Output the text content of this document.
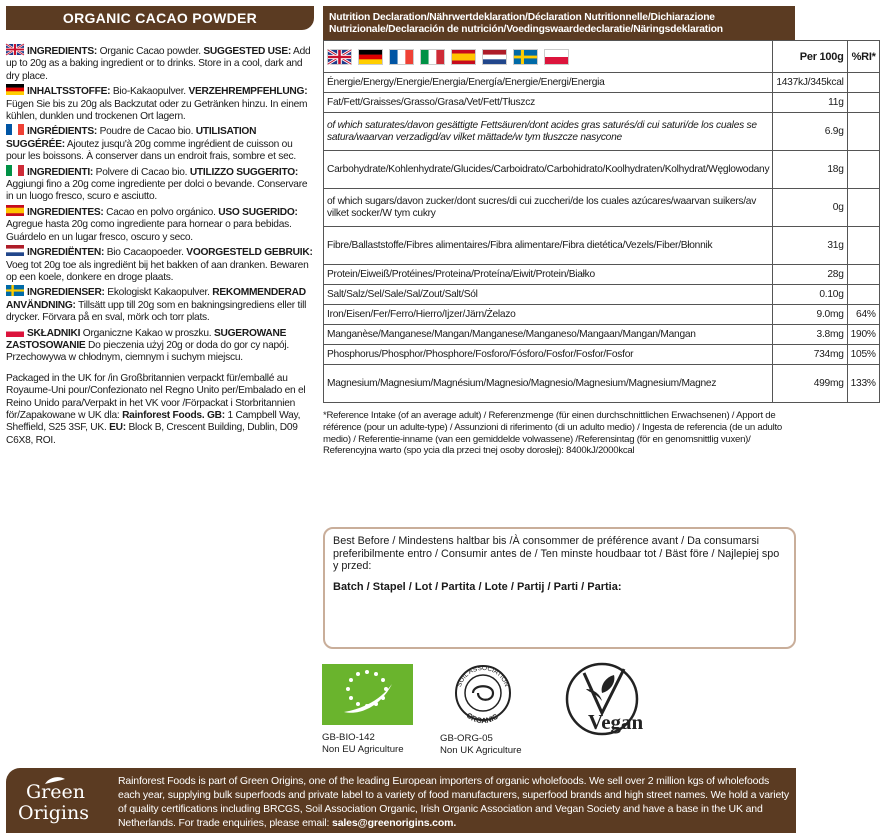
ORGANIC CACAO POWDER
INGREDIENTS: Organic Cacao powder. SUGGESTED USE: Add up to 20g as a baking ingredient or to drinks. Store in a cool, dark and dry place.
INHALTSSTOFFE: Bio-Kakaopulver. VERZEHREMPFEHLUNG: Fügen Sie bis zu 20g als Backzutat oder zu Getränken hinzu. In einem kühlen, dunklen und trockenen Ort lagern.
INGRÉDIENTS: Poudre de Cacao bio. UTILISATION SUGGÉRÉE: Ajoutez jusqu'à 20g comme ingrédient de cuisson ou pour les boissons. À conserver dans un endroit frais, sombre et sec.
INGREDIENTI: Polvere di Cacao bio. UTILIZZO SUGGERITO: Aggiungi fino a 20g come ingrediente per dolci o bevande. Conservare in un luogo fresco, scuro e asciutto.
INGREDIENTES: Cacao en polvo orgánico. USO SUGERIDO: Agregue hasta 20g como ingrediente para hornear o para bebidas. Guárdelo en un lugar fresco, oscuro y seco.
INGREDIËNTEN: Bio Cacaopoeder. VOORGESTELD GEBRUIK: Voeg tot 20g toe als ingrediënt bij het bakken of aan dranken. Bewaren op een koele, donkere en droge plaats.
INGREDIENSER: Ekologiskt Kakaopulver. REKOMMENDERAD ANVÄNDNING: Tillsätt upp till 20g som en bakningsingrediens eller till drycker. Förvara på en sval, mörk och torr plats.
SKŁADNIKI Organiczne Kakao w proszku. SUGEROWANE ZASTOSOWANIE Do pieczenia użyj 20g or doda do gor cy napój. Przechowywa w chłodnym, ciemnym i suchym miejscu.
Packaged in the UK for /in Großbritannien verpackt für/emballé au Royaume-Uni pour/Confezionato nel Regno Unito per/Embalado en el Reino Unido para/Verpakt in het VK voor /Förpackat i Storbritannien för/Zapakowane w UK dla: Rainforest Foods. GB: 1 Campbell Way, Sheffield, S25 3SF, UK. EU: Block B, Crescent Building, Dublin, D09 C6X8, ROI.
Nutrition Declaration/Nährwertdeklaration/Déclaration Nutritionnelle/Dichiarazione Nutrizionale/Declaración de nutrición/Voedingswaardedeclaratie/Näringsdeklaration
	Per 100g	%RI*
Énergie/Energy/Energie/Energia/Energía/Energie/Energi/Energia	1437kJ/345kcal	
Fat/Fett/Graisses/Grasso/Grasa/Vet/Fett/Tłuszcz	11g	
of which saturates/davon gesättigte Fettsäuren/dont acides gras saturés/di cui saturi/de los cuales se satura/waarvan verzadigd/av vilket mättade/w tym tłuszcze nasycone	6.9g	
Carbohydrate/Kohlenhydrate/Glucides/Carboidrato/Carbohidrato/Koolhydraten/Kolhydrat/Węglowodany	18g	
of which sugars/davon zucker/dont sucres/di cui zuccheri/de los cuales azúcares/waarvan suikers/av vilket socker/W tym cukry	0g	
Fibre/Ballaststoffe/Fibres alimentaires/Fibra alimentare/Fibra dietética/Vezels/Fiber/Błonnik	31g	
Protein/Eiweiß/Protéines/Proteina/Proteína/Eiwit/Protein/Białko	28g	
Salt/Salz/Sel/Sale/Sal/Zout/Salt/Sól	0.10g	
Iron/Eisen/Fer/Ferro/Hierro/Ijzer/Järn/Żelazo	9.0mg	64%
Manganèse/Manganese/Mangan/Manganese/Manganeso/Mangaan/Mangan/Mangan	3.8mg	190%
Phosphorus/Phosphor/Phosphore/Fosforo/Fósforo/Fosfor/Fosfor/Fosfor	734mg	105%
Magnesium/Magnesium/Magnésium/Magnesio/Magnesio/Magnesium/Magnesium/Magnez	499mg	133%
*Reference Intake (of an average adult) / Referenzmenge (für einen durchschnittlichen Erwachsenen) / Apport de référence (pour un adulte-type) / Assunzioni di riferimento (di un adulto medio) / Ingesta de referencia (de un adulto medio) / Referentie-inname (van een gemiddelde volwassene) /Referensintag (för en genomsnittlig vuxen)/ Referencyjna warto (spo ycia dla przeci tnej osoby dorosłej): 8400kJ/2000kcal
Best Before / Mindestens haltbar bis /À consommer de préférence avant / Da consumarsi preferibilmente entro / Consumir antes de / Ten minste houdbaar tot / Bäst före / Najlepiej spo y przed:
Batch / Stapel / Lot / Partita / Lote / Partij / Parti / Partia:
GB-BIO-142
Non EU Agriculture
SOIL ASSOCIATION
ORGANIC
GB-ORG-05
Non UK Agriculture
Vegan
Green
Origins
Rainforest Foods is part of Green Origins, one of the leading European importers of organic wholefoods. We sell over 2 million kgs of wholefoods each year, supplying bulk superfoods and private label to a variety of food manufacturers, superfood brands and high street names. We hold a variety of quality certifications including BRCGS, Soil Association Organic, Irish Organic Association and Vegan Society and have a base in the UK and Netherlands. For trade enquiries, please email: sales@greenorigins.com.
